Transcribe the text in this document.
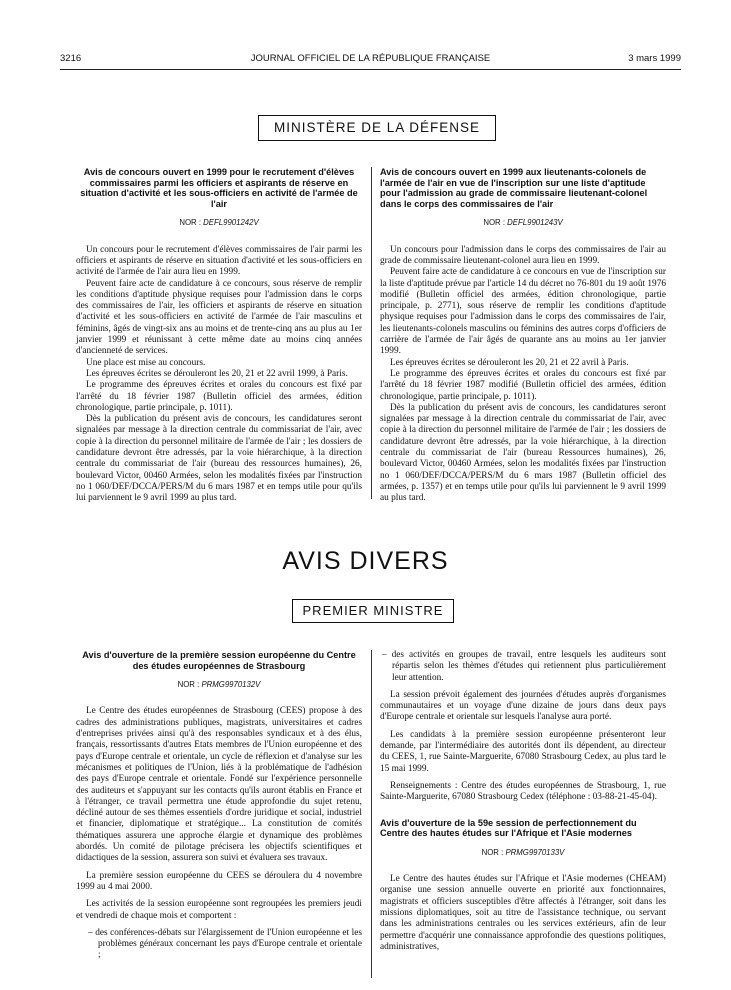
3216	JOURNAL OFFICIEL DE LA RÉPUBLIQUE FRANÇAISE	3 mars 1999
MINISTÈRE DE LA DÉFENSE
Avis de concours ouvert en 1999 pour le recrutement d'élèves commissaires parmi les officiers et aspirants de réserve en situation d'activité et les sous-officiers en activité de l'armée de l'air
NOR : DEFL9901242V

Un concours pour le recrutement d'élèves commissaires de l'air parmi les officiers et aspirants de réserve en situation d'activité et les sous-officiers en activité de l'armée de l'air aura lieu en 1999.

Peuvent faire acte de candidature à ce concours, sous réserve de remplir les conditions d'aptitude physique requises pour l'admission dans le corps des commissaires de l'air, les officiers et aspirants de réserve en situation d'activité et les sous-officiers en activité de l'armée de l'air masculins et féminins, âgés de vingt-six ans au moins et de trente-cinq ans au plus au 1er janvier 1999 et réunissant à cette même date au moins cinq années d'ancienneté de services.

Une place est mise au concours.

Les épreuves écrites se dérouleront les 20, 21 et 22 avril 1999, à Paris.

Le programme des épreuves écrites et orales du concours est fixé par l'arrêté du 18 février 1987 (Bulletin officiel des armées, édition chronologique, partie principale, p. 1011).

Dès la publication du présent avis de concours, les candidatures seront signalées par message à la direction centrale du commissariat de l'air, avec copie à la direction du personnel militaire de l'armée de l'air ; les dossiers de candidature devront être adressés, par la voie hiérarchique, à la direction centrale du commissariat de l'air (bureau des ressources humaines), 26, boulevard Victor, 00460 Armées, selon les modalités fixées par l'instruction no 1 060/DEF/DCCA/PERS/M du 6 mars 1987 et en temps utile pour qu'ils lui parviennent le 9 avril 1999 au plus tard.

Avis de concours ouvert en 1999 aux lieutenants-colonels de l'armée de l'air en vue de l'inscription sur une liste d'aptitude pour l'admission au grade de commissaire lieutenant-colonel dans le corps des commissaires de l'air
NOR : DEFL9901243V

Un concours pour l'admission dans le corps des commissaires de l'air au grade de commissaire lieutenant-colonel aura lieu en 1999.

Peuvent faire acte de candidature à ce concours en vue de l'inscription sur la liste d'aptitude prévue par l'article 14 du décret no 76-801 du 19 août 1976 modifié (Bulletin officiel des armées, édition chronologique, partie principale, p. 2771), sous réserve de remplir les conditions d'aptitude physique requises pour l'admission dans le corps des commissaires de l'air, les lieutenants-colonels masculins ou féminins des autres corps d'officiers de carrière de l'armée de l'air âgés de quarante ans au moins au 1er janvier 1999.

Les épreuves écrites se dérouleront les 20, 21 et 22 avril à Paris.

Le programme des épreuves écrites et orales du concours est fixé par l'arrêté du 18 février 1987 modifié (Bulletin officiel des armées, édition chronologique, partie principale, p. 1011).

Dès la publication du présent avis de concours, les candidatures seront signalées par message à la direction centrale du commissariat de l'air, avec copie à la direction du personnel militaire de l'armée de l'air ; les dossiers de candidature devront être adressés, par la voie hiérarchique, à la direction centrale du commissariat de l'air (bureau Ressources humaines), 26, boulevard Victor, 00460 Armées, selon les modalités fixées par l'instruction no 1 060/DEF/DCCA/PERS/M du 6 mars 1987 (Bulletin officiel des armées, p. 1357) et en temps utile pour qu'ils lui parviennent le 9 avril 1999 au plus tard.

AVIS DIVERS
PREMIER MINISTRE
Avis d'ouverture de la première session européenne du Centre des études européennes de Strasbourg
NOR : PRMG9970132V

Le Centre des études européennes de Strasbourg (CEES) propose à des cadres des administrations publiques, magistrats, universitaires et cadres d'entreprises privées ainsi qu'à des responsables syndicaux et à des élus, français, ressortissants d'autres Etats membres de l'Union européenne et des pays d'Europe centrale et orientale, un cycle de réflexion et d'analyse sur les mécanismes et politiques de l'Union, liés à la problématique de l'adhésion des pays d'Europe centrale et orientale. Fondé sur l'expérience personnelle des auditeurs et s'appuyant sur les contacts qu'ils auront établis en France et à l'étranger, ce travail permettra une étude approfondie du sujet retenu, décliné autour de ses thèmes essentiels d'ordre juridique et social, industriel et financier, diplomatique et stratégique... La constitution de comités thématiques assurera une approche élargie et dynamique des problèmes abordés. Un comité de pilotage précisera les objectifs scientifiques et didactiques de la session, assurera son suivi et évaluera ses travaux.

La première session européenne du CEES se déroulera du 4 novembre 1999 au 4 mai 2000.

Les activités de la session européenne sont regroupées les premiers jeudi et vendredi de chaque mois et comportent :

– des conférences-débats sur l'élargissement de l'Union européenne et les problèmes généraux concernant les pays d'Europe centrale et orientale ;

– des activités en groupes de travail, entre lesquels les auditeurs sont répartis selon les thèmes d'études qui retiennent plus particulièrement leur attention.

La session prévoit également des journées d'études auprès d'organismes communautaires et un voyage d'une dizaine de jours dans deux pays d'Europe centrale et orientale sur lesquels l'analyse aura porté.

Les candidats à la première session européenne présenteront leur demande, par l'intermédiaire des autorités dont ils dépendent, au directeur du CEES, 1, rue Sainte-Marguerite, 67080 Strasbourg Cedex, au plus tard le 15 mai 1999.

Renseignements : Centre des études européennes de Strasbourg, 1, rue Sainte-Marguerite, 67080 Strasbourg Cedex (téléphone : 03-88-21-45-04).

Avis d'ouverture de la 59e session de perfectionnement du Centre des hautes études sur l'Afrique et l'Asie modernes
NOR : PRMG9970133V

Le Centre des hautes études sur l'Afrique et l'Asie modernes (CHEAM) organise une session annuelle ouverte en priorité aux fonctionnaires, magistrats et officiers susceptibles d'être affectés à l'étranger, soit dans les missions diplomatiques, soit au titre de l'assistance technique, ou servant dans les administrations centrales ou les services extérieurs, afin de leur permettre d'acquérir une connaissance approfondie des questions politiques, administratives,
